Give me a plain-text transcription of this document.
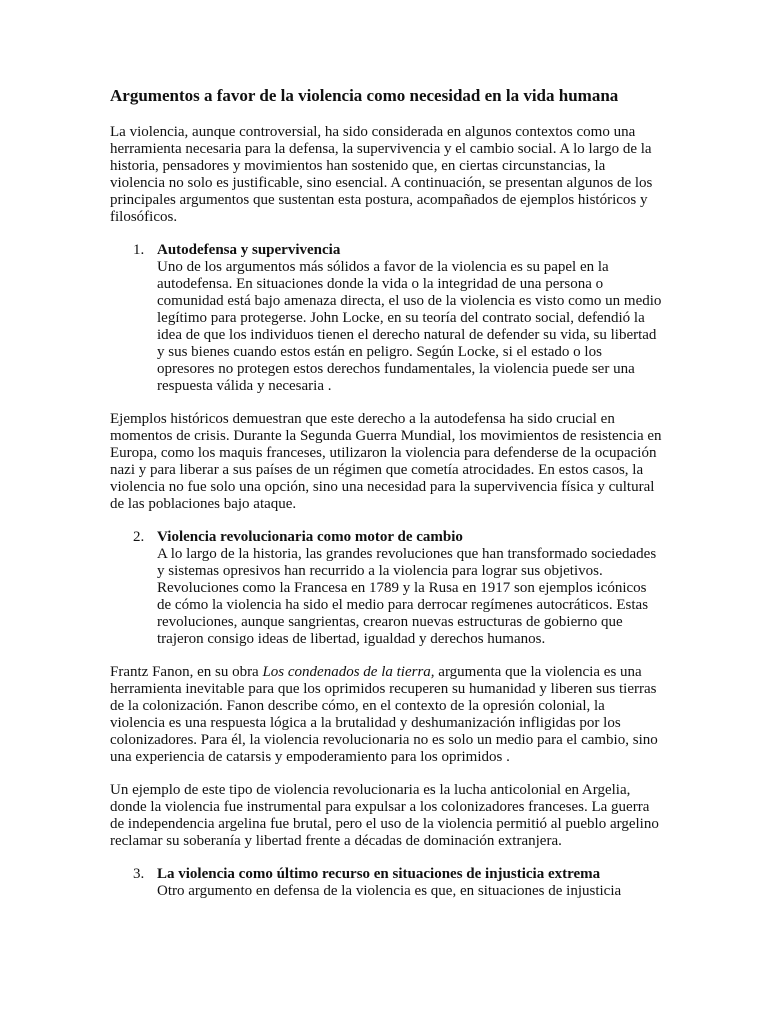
Argumentos a favor de la violencia como necesidad en la vida humana

La violencia, aunque controversial, ha sido considerada en algunos contextos como una herramienta necesaria para la defensa, la supervivencia y el cambio social. A lo largo de la historia, pensadores y movimientos han sostenido que, en ciertas circunstancias, la violencia no solo es justificable, sino esencial. A continuación, se presentan algunos de los principales argumentos que sustentan esta postura, acompañados de ejemplos históricos y filosóficos.

1. Autodefensa y supervivencia
Uno de los argumentos más sólidos a favor de la violencia es su papel en la autodefensa. En situaciones donde la vida o la integridad de una persona o comunidad está bajo amenaza directa, el uso de la violencia es visto como un medio legítimo para protegerse. John Locke, en su teoría del contrato social, defendió la idea de que los individuos tienen el derecho natural de defender su vida, su libertad y sus bienes cuando estos están en peligro. Según Locke, si el estado o los opresores no protegen estos derechos fundamentales, la violencia puede ser una respuesta válida y necesaria .

Ejemplos históricos demuestran que este derecho a la autodefensa ha sido crucial en momentos de crisis. Durante la Segunda Guerra Mundial, los movimientos de resistencia en Europa, como los maquis franceses, utilizaron la violencia para defenderse de la ocupación nazi y para liberar a sus países de un régimen que cometía atrocidades. En estos casos, la violencia no fue solo una opción, sino una necesidad para la supervivencia física y cultural de las poblaciones bajo ataque.

2. Violencia revolucionaria como motor de cambio
A lo largo de la historia, las grandes revoluciones que han transformado sociedades y sistemas opresivos han recurrido a la violencia para lograr sus objetivos. Revoluciones como la Francesa en 1789 y la Rusa en 1917 son ejemplos icónicos de cómo la violencia ha sido el medio para derrocar regímenes autocráticos. Estas revoluciones, aunque sangrientas, crearon nuevas estructuras de gobierno que trajeron consigo ideas de libertad, igualdad y derechos humanos.

Frantz Fanon, en su obra Los condenados de la tierra, argumenta que la violencia es una herramienta inevitable para que los oprimidos recuperen su humanidad y liberen sus tierras de la colonización. Fanon describe cómo, en el contexto de la opresión colonial, la violencia es una respuesta lógica a la brutalidad y deshumanización infligidas por los colonizadores. Para él, la violencia revolucionaria no es solo un medio para el cambio, sino una experiencia de catarsis y empoderamiento para los oprimidos .

Un ejemplo de este tipo de violencia revolucionaria es la lucha anticolonial en Argelia, donde la violencia fue instrumental para expulsar a los colonizadores franceses. La guerra de independencia argelina fue brutal, pero el uso de la violencia permitió al pueblo argelino reclamar su soberanía y libertad frente a décadas de dominación extranjera.

3. La violencia como último recurso en situaciones de injusticia extrema
Otro argumento en defensa de la violencia es que, en situaciones de injusticia
